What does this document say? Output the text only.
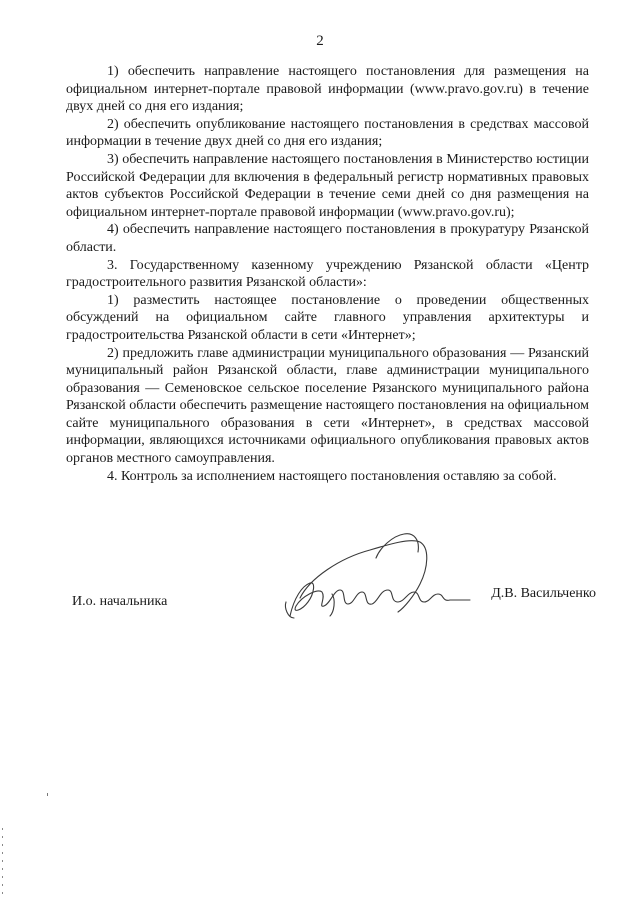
2

1) обеспечить направление настоящего постановления для размещения на официальном интернет-портале правовой информации (www.pravo.gov.ru) в течение двух дней со дня его издания;

2) обеспечить опубликование настоящего постановления в средствах массовой информации в течение двух дней со дня его издания;

3) обеспечить направление настоящего постановления в Министерство юстиции Российской Федерации для включения в федеральный регистр нормативных правовых актов субъектов Российской Федерации в течение семи дней со дня размещения на официальном интернет-портале правовой информации (www.pravo.gov.ru);

4) обеспечить направление настоящего постановления в прокуратуру Рязанской области.

3. Государственному казенному учреждению Рязанской области «Центр градостроительного развития Рязанской области»:

1) разместить настоящее постановление о проведении общественных обсуждений на официальном сайте главного управления архитектуры и градостроительства Рязанской области в сети «Интернет»;

2) предложить главе администрации муниципального образования — Рязанский муниципальный район Рязанской области, главе администрации муниципального образования — Семеновское сельское поселение Рязанского муниципального района Рязанской области обеспечить размещение настоящего постановления на официальном сайте муниципального образования в сети «Интернет», в средствах массовой информации, являющихся источниками официального опубликования правовых актов органов местного самоуправления.

4. Контроль за исполнением настоящего постановления оставляю за собой.

И.о. начальника
Д.В. Васильченко
